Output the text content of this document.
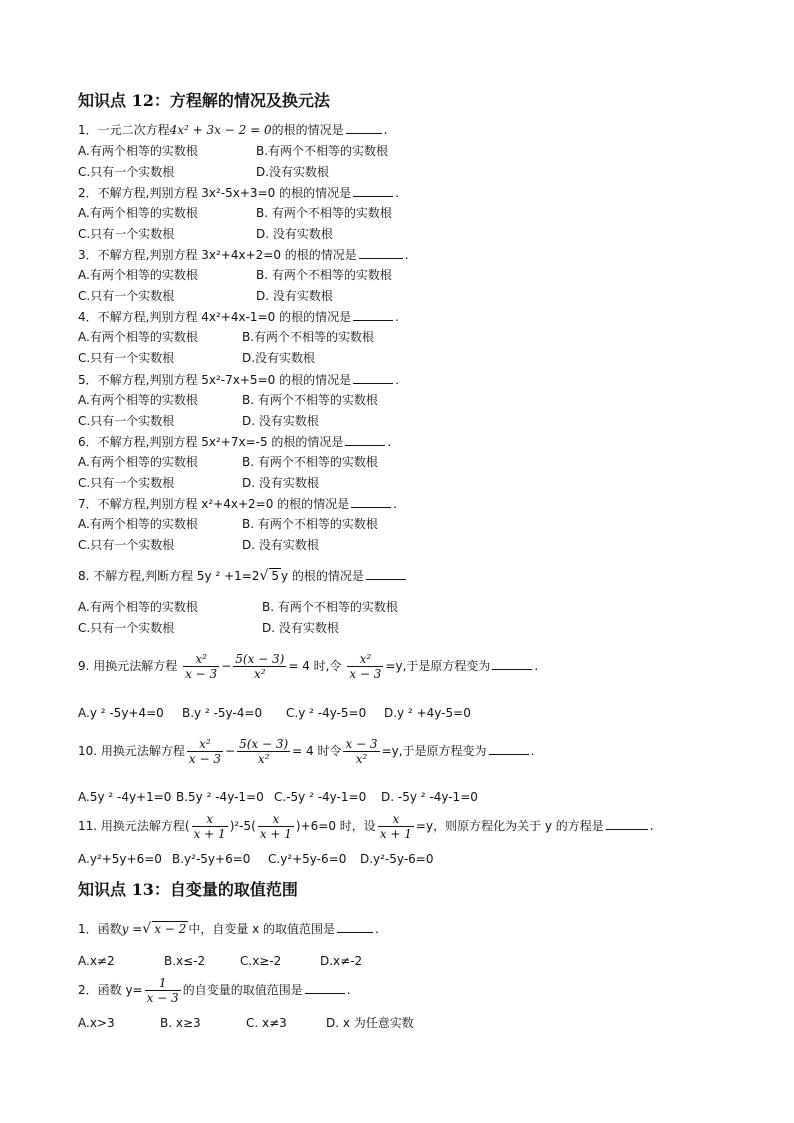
知识点 12：方程解的情况及换元法
1．一元二次方程4x² + 3x − 2 = 0的根的情况是	.
A.有两个相等的实数根	B.有两个不相等的实数根
C.只有一个实数根	D.没有实数根
2．不解方程,判别方程 3x²-5x+3=0 的根的情况是	.
A.有两个相等的实数根	B. 有两个不相等的实数根
C.只有一个实数根	D. 没有实数根
3．不解方程,判别方程 3x²+4x+2=0 的根的情况是	.
A.有两个相等的实数根	B. 有两个不相等的实数根
C.只有一个实数根	D. 没有实数根
4．不解方程,判别方程 4x²+4x-1=0 的根的情况是	.
A.有两个相等的实数根	B.有两个不相等的实数根
C.只有一个实数根	D.没有实数根
5．不解方程,判别方程 5x²-7x+5=0 的根的情况是	.
A.有两个相等的实数根	B. 有两个不相等的实数根
C.只有一个实数根	D. 没有实数根
6．不解方程,判别方程 5x²+7x=-5 的根的情况是	.
A.有两个相等的实数根	B. 有两个不相等的实数根
C.只有一个实数根	D. 没有实数根
7．不解方程,判别方程 x²+4x+2=0 的根的情况是	.
A.有两个相等的实数根	B. 有两个不相等的实数根
C.只有一个实数根	D. 没有实数根
8. 不解方程,判断方程 5y ² +1=2√ 5 y 的根的情况是
A.有两个相等的实数根	B. 有两个不相等的实数根
C.只有一个实数根	D. 没有实数根
9. 用换元法解方程 $\frac{\text{x²}}{x - 3} - \frac{5(x - 3)}{\text{x²}} = 4$ 时,令 $\frac{\text{x²}}{x - 3} =y$,于是原方程变为	.
A.y ² -5y+4=0 B.y ² -5y-4=0 C.y ² -4y-5=0 D.y ² +4y-5=0
10. 用换元法解方程 $\frac{\text{x²}}{x - 3} - \frac{5(x - 3)}{\text{x²}} = 4$ 时令 $\frac{x - 3}{\text{x²}} =y$,于是原方程变为	.
A.5y ² -4y+1=0 B.5y ² -4y-1=0 C.-5y ² -4y-1=0 D. -5y ² -4y-1=0
11. 用换元法解方程( $\frac{x}{x + 1} )^2-5( \frac{x}{x + 1} )+6=0$ 时，设 $\frac{x}{x + 1} =y$，则原方程化为关于 y 的方程是	.
A.y²+5y+6=0 B.y²-5y+6=0 C.y²+5y-6=0 D.y²-5y-6=0
知识点 13：自变量的取值范围
1．函数y =√ x − 2 中，自变量 x 的取值范围是	.
A.x≠2	B.x≤-2	C.x≥-2	D.x≠-2
2．函数 $y= \frac{1}{x - 3}$ 的自变量的取值范围是	.
A.x>3	B. x≥3	C. x≠3	D. x 为任意实数
